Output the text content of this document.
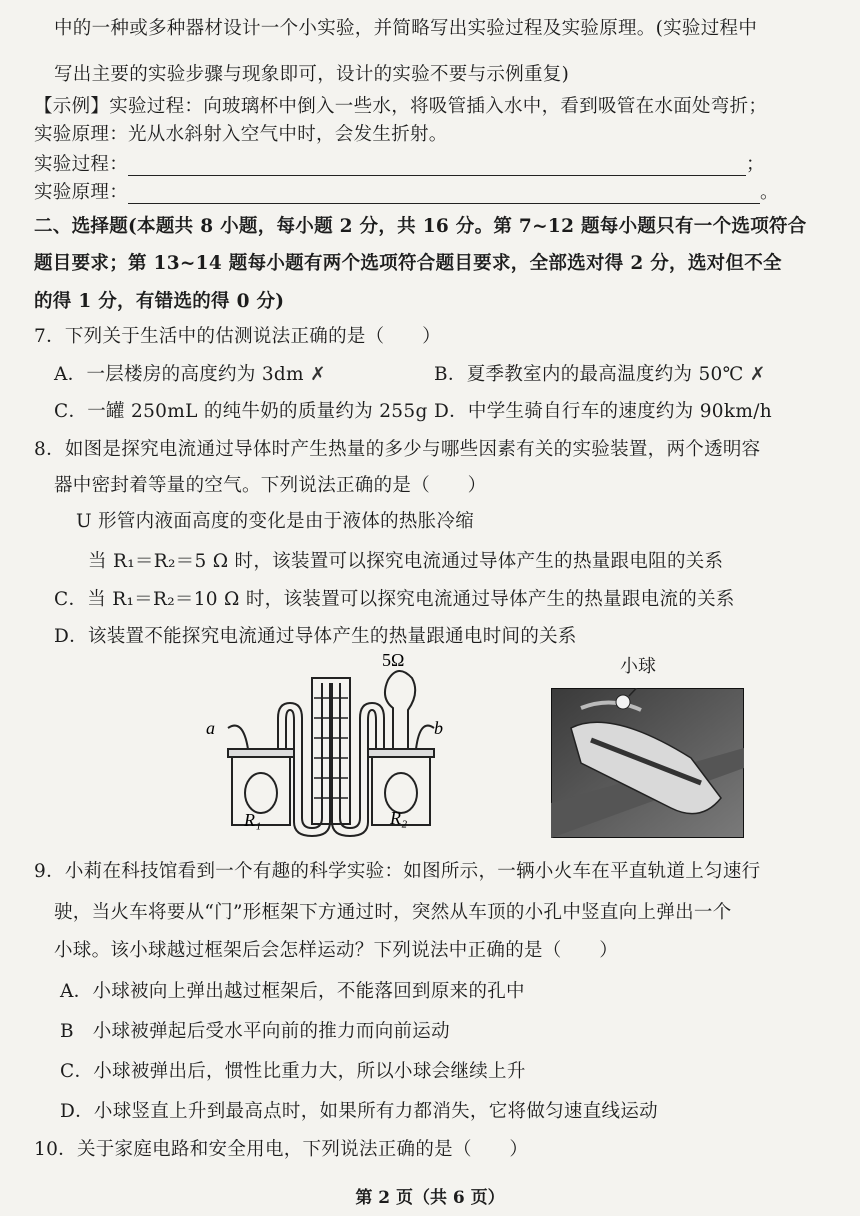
中的一种或多种器材设计一个小实验，并简略写出实验过程及实验原理。(实验过程中
写出主要的实验步骤与现象即可，设计的实验不要与示例重复)
【示例】实验过程：向玻璃杯中倒入一些水，将吸管插入水中，看到吸管在水面处弯折；
实验原理：光从水斜射入空气中时，会发生折射。
实验过程：	；
实验原理：	。
二、选择题(本题共 8 小题，每小题 2 分，共 16 分。第 7~12 题每小题只有一个选项符合
题目要求；第 13~14 题每小题有两个选项符合题目要求，全部选对得 2 分，选对但不全
的得 1 分，有错选的得 0 分)
7．下列关于生活中的估测说法正确的是（　　）
A．一层楼房的高度约为 3dm ✗	B．夏季教室内的最高温度约为 50℃ ✗
C．一罐 250mL 的纯牛奶的质量约为 255g D．中学生骑自行车的速度约为 90km/h
8．如图是探究电流通过导体时产生热量的多少与哪些因素有关的实验装置，两个透明容
器中密封着等量的空气。下列说法正确的是（　　）
U 形管内液面高度的变化是由于液体的热胀冷缩
当 R₁＝R₂＝5 Ω 时，该装置可以探究电流通过导体产生的热量跟电阻的关系
C．当 R₁＝R₂＝10 Ω 时，该装置可以探究电流通过导体产生的热量跟电流的关系
D．该装置不能探究电流通过导体产生的热量跟通电时间的关系
a	b
R₁	R₂
5Ω	小球
9．小莉在科技馆看到一个有趣的科学实验：如图所示，一辆小火车在平直轨道上匀速行
驶，当火车将要从“门”形框架下方通过时，突然从车顶的小孔中竖直向上弹出一个
小球。该小球越过框架后会怎样运动？下列说法中正确的是（　　）
A．小球被向上弹出越过框架后，不能落回到原来的孔中
B　小球被弹起后受水平向前的推力而向前运动
C．小球被弹出后，惯性比重力大，所以小球会继续上升
D．小球竖直上升到最高点时，如果所有力都消失，它将做匀速直线运动
10．关于家庭电路和安全用电，下列说法正确的是（　　）
第 2 页（共 6 页）
